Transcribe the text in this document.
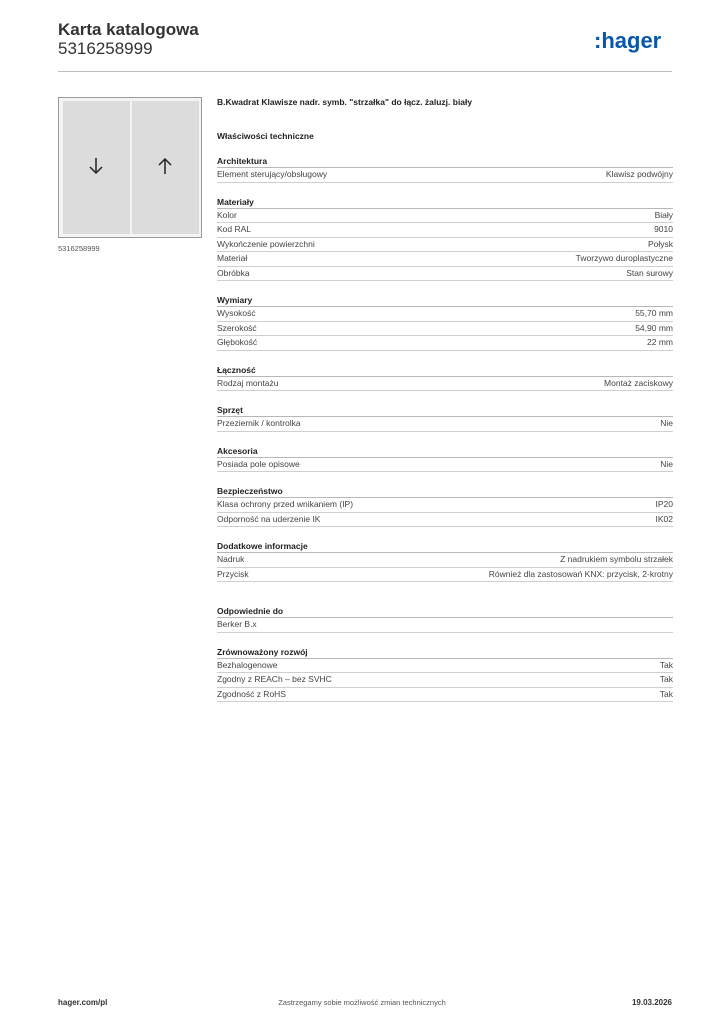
Karta katalogowa
5316258999	:hager
5316258999
B.Kwadrat Klawisze nadr. symb. "strzałka" do łącz. żaluzj. biały
Właściwości techniczne
Architektura
Element sterujący/obsługowy	Klawisz podwójny
Materiały
Kolor	Biały
Kod RAL	9010
Wykończenie powierzchni	Połysk
Materiał	Tworzywo duroplastyczne
Obróbka	Stan surowy
Wymiary
Wysokość	55,70 mm
Szerokość	54,90 mm
Głębokość	22 mm
Łączność
Rodzaj montażu	Montaż zaciskowy
Sprzęt
Przeziernik / kontrolka	Nie
Akcesoria
Posiada pole opisowe	Nie
Bezpieczeństwo
Klasa ochrony przed wnikaniem (IP)	IP20
Odporność na uderzenie IK	IK02
Dodatkowe informacje
Nadruk	Z nadrukiem symbolu strzałek
Przycisk	Również dla zastosowań KNX: przycisk, 2-krotny
Odpowiednie do
Berker B.x
Zrównoważony rozwój
Bezhalogenowe	Tak
Zgodny z REACh – bez SVHC	Tak
Zgodność z RoHS	Tak
hager.com/pl	Zastrzegamy sobie możliwość zmian technicznych	19.03.2026
